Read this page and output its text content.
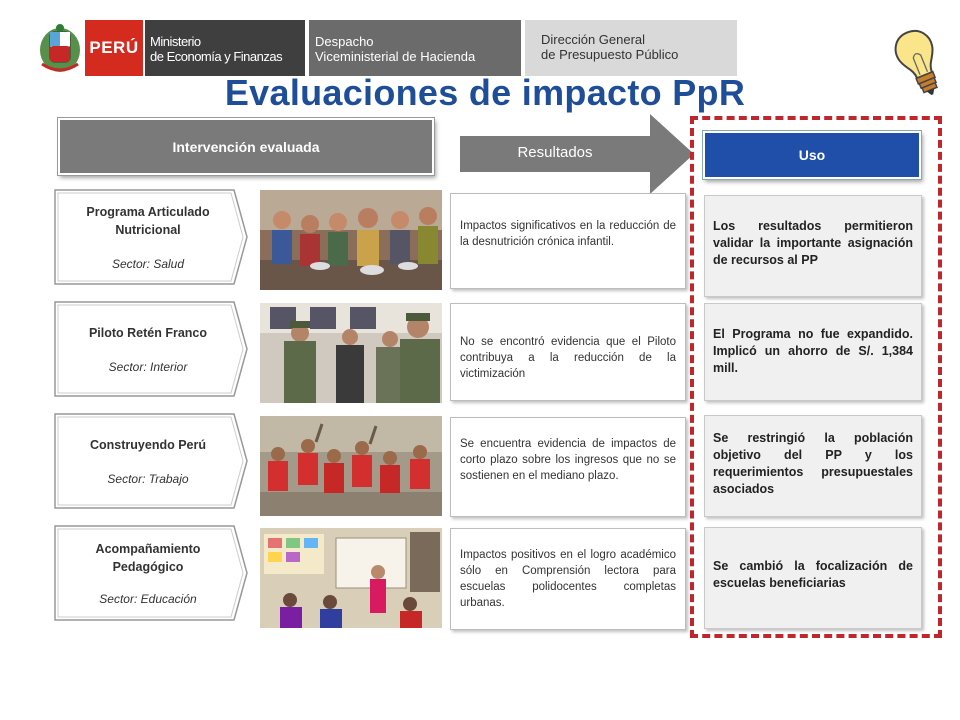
PERÚ Ministerio
de Economía y Finanzas
Despacho
Viceministerial de Hacienda
Dirección General
de Presupuesto Público
Evaluaciones de impacto PpR
Intervención evaluada	Resultados	Uso
Programa Articulado Nutricional
Sector: Salud
Impactos significativos en la reducción de la desnutrición crónica infantil.
Los resultados permitieron validar la importante asignación de recursos al PP
Piloto Retén Franco
Sector: Interior
No se encontró evidencia que el Piloto contribuya a la reducción de la victimización
El Programa no fue expandido. Implicó un ahorro de S/. 1,384 mill.
Construyendo Perú
Sector: Trabajo
Se encuentra evidencia de impactos de corto plazo sobre los ingresos que no se sostienen en el mediano plazo.
Se restringió la población objetivo del PP y los requerimientos presupuestales asociados
Acompañamiento Pedagógico
Sector: Educación
Impactos positivos en el logro académico sólo en Comprensión lectora para escuelas polidocentes completas urbanas.
Se cambió la focalización de escuelas beneficiarias
